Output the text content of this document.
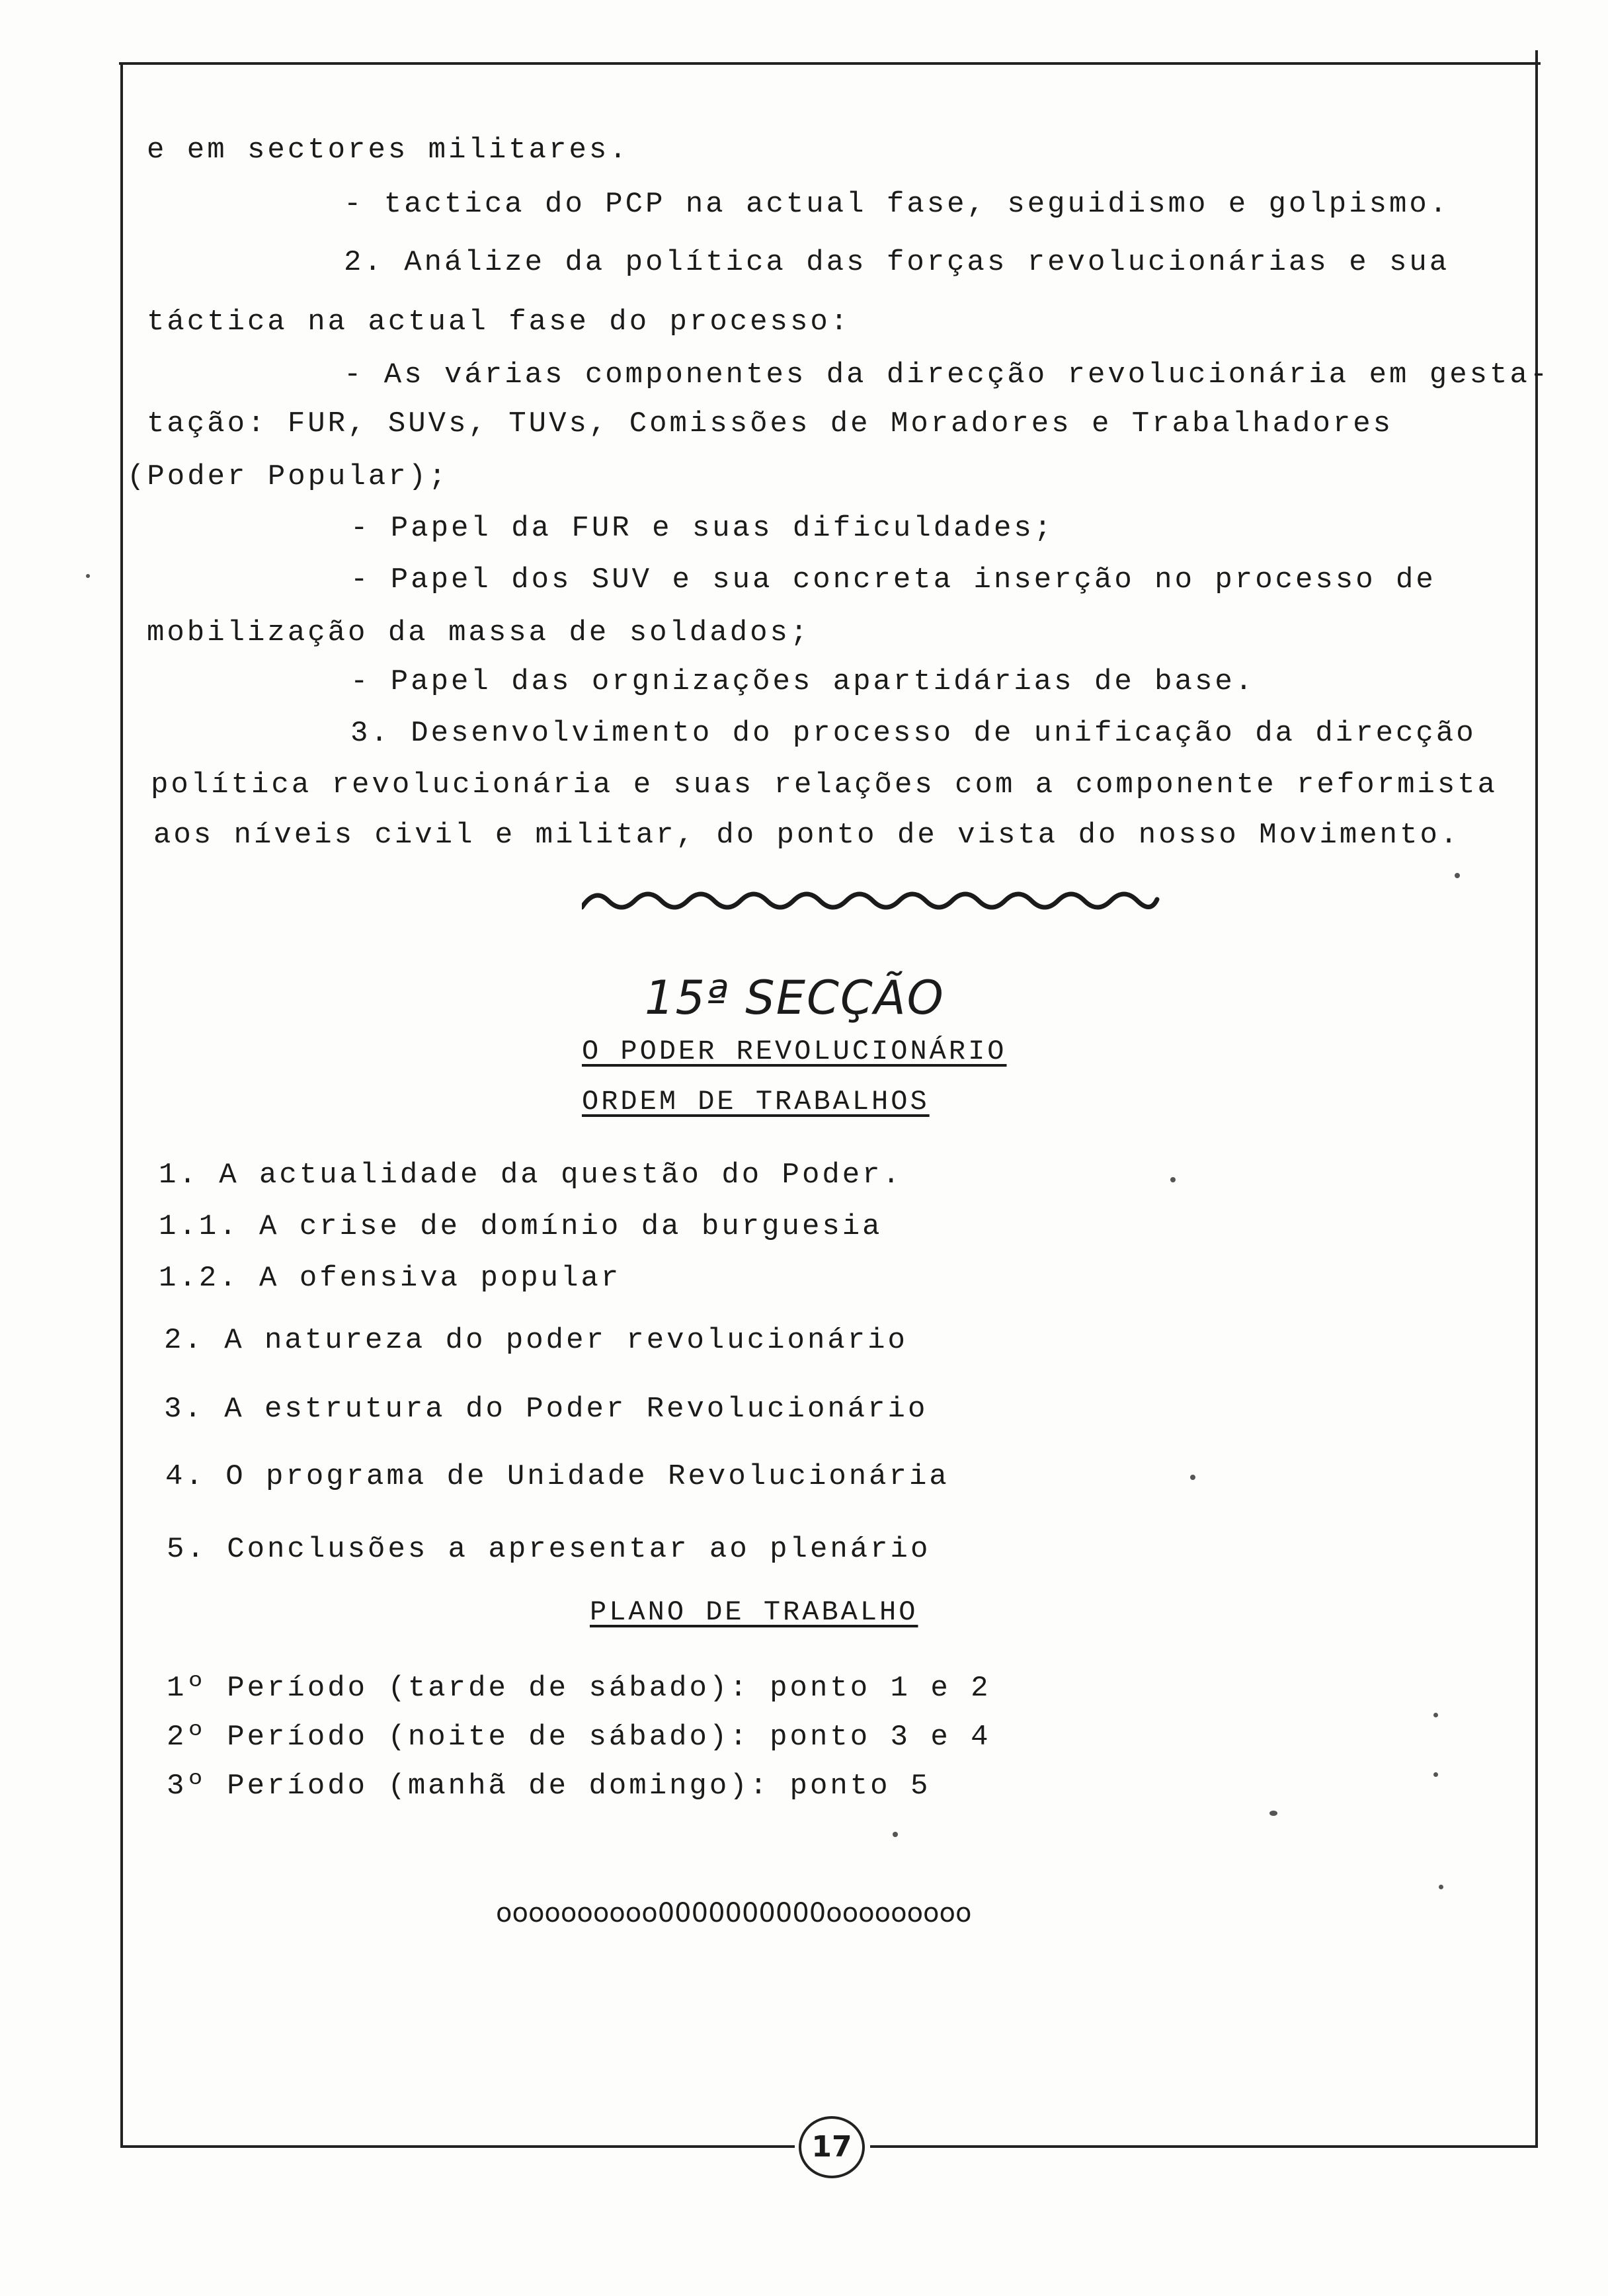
e em sectores militares.
- tactica do PCP na actual fase, seguidismo e golpismo.
2. Análize da política das forças revolucionárias e sua
táctica na actual fase do processo:
- As várias componentes da direcção revolucionária em gesta-
tação: FUR, SUVs, TUVs, Comissões de Moradores e Trabalhadores
(Poder Popular);
- Papel da FUR e suas dificuldades;
- Papel dos SUV e sua concreta inserção no processo de
mobilização da massa de soldados;
- Papel das orgnizações apartidárias de base.
3. Desenvolvimento do processo de unificação da direcção
política revolucionária e suas relações com a componente reformista
aos níveis civil e militar, do ponto de vista do nosso Movimento.
15ª SECÇÃO
O PODER REVOLUCIONÁRIO
ORDEM DE TRABALHOS
1. A actualidade da questão do Poder.
1.1. A crise de domínio da burguesia
1.2. A ofensiva popular
2. A natureza do poder revolucionário
3. A estrutura do Poder Revolucionário
4. O programa de Unidade Revolucionária
5. Conclusões a apresentar ao plenário
PLANO DE TRABALHO
1º Período (tarde de sábado): ponto 1 e 2
2º Período (noite de sábado): ponto 3 e 4
3º Período (manhã de domingo): ponto 5
oooooooooo0000000000ooooooooo
17
